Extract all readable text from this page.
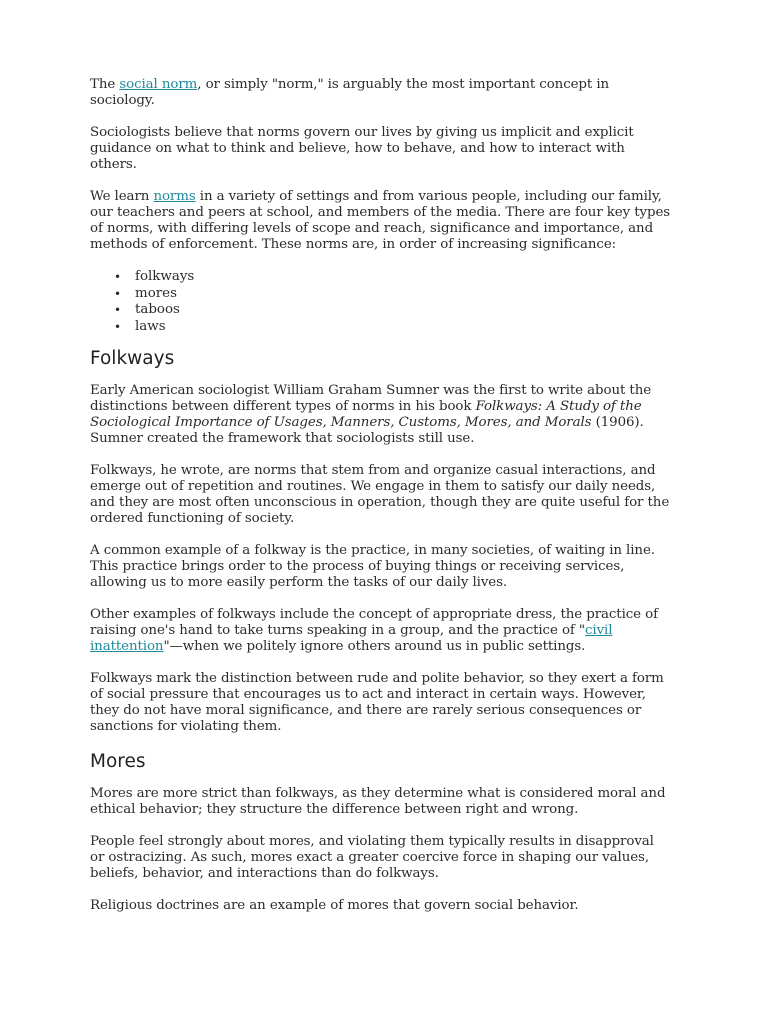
The social norm, or simply "norm," is arguably the most important concept in sociology.

Sociologists believe that norms govern our lives by giving us implicit and explicit guidance on what to think and believe, how to behave, and how to interact with others.

We learn norms in a variety of settings and from various people, including our family, our teachers and peers at school, and members of the media. There are four key types of norms, with differing levels of scope and reach, significance and importance, and methods of enforcement. These norms are, in order of increasing significance:

• folkways
• mores
• taboos
• laws
Folkways

Early American sociologist William Graham Sumner was the first to write about the distinctions between different types of norms in his book Folkways: A Study of the Sociological Importance of Usages, Manners, Customs, Mores, and Morals (1906). Sumner created the framework that sociologists still use.

Folkways, he wrote, are norms that stem from and organize casual interactions, and emerge out of repetition and routines. We engage in them to satisfy our daily needs, and they are most often unconscious in operation, though they are quite useful for the ordered functioning of society.

A common example of a folkway is the practice, in many societies, of waiting in line. This practice brings order to the process of buying things or receiving services, allowing us to more easily perform the tasks of our daily lives.

Other examples of folkways include the concept of appropriate dress, the practice of raising one's hand to take turns speaking in a group, and the practice of "civil inattention"—when we politely ignore others around us in public settings.

Folkways mark the distinction between rude and polite behavior, so they exert a form of social pressure that encourages us to act and interact in certain ways. However, they do not have moral significance, and there are rarely serious consequences or sanctions for violating them.

Mores

Mores are more strict than folkways, as they determine what is considered moral and ethical behavior; they structure the difference between right and wrong.

People feel strongly about mores, and violating them typically results in disapproval or ostracizing. As such, mores exact a greater coercive force in shaping our values, beliefs, behavior, and interactions than do folkways.

Religious doctrines are an example of mores that govern social behavior.
